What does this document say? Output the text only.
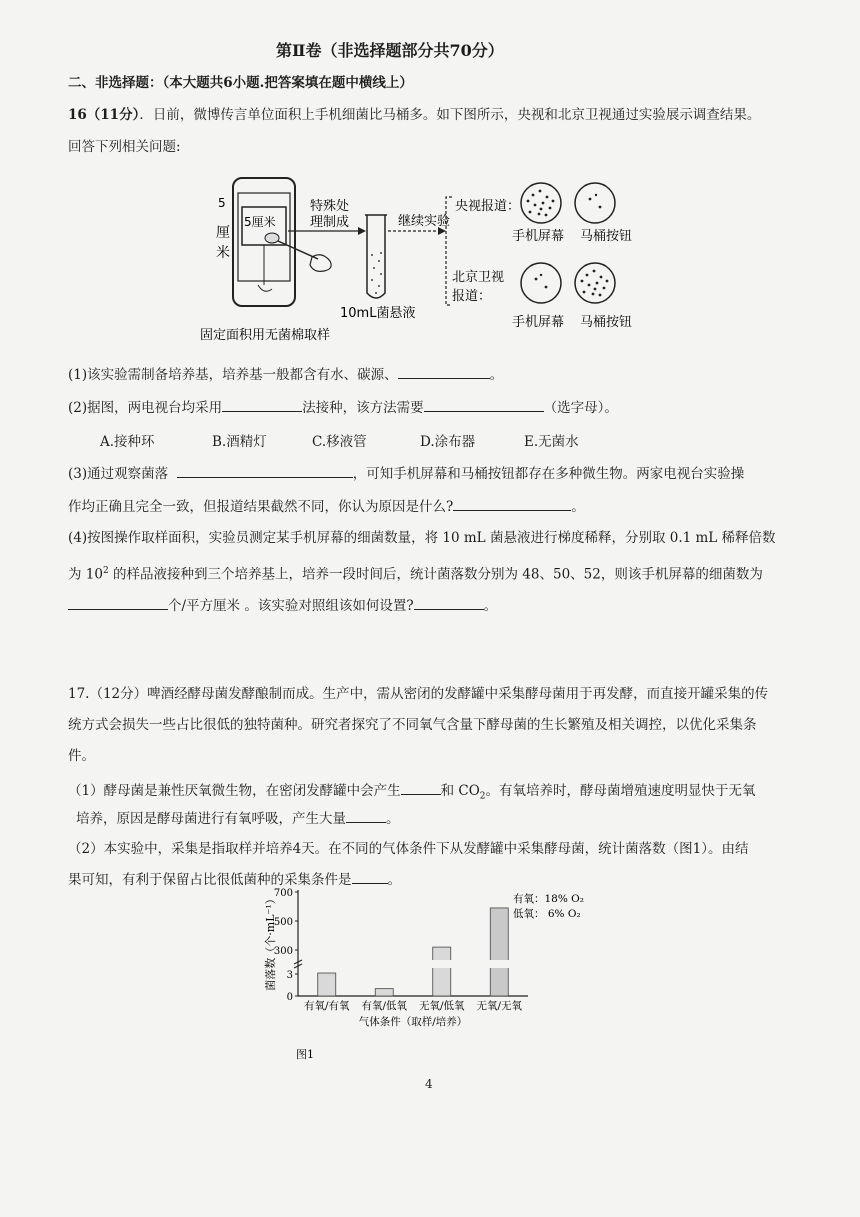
第Ⅱ卷（非选择题部分共70分）
二、非选择题：（本大题共6小题.把答案填在题中横线上）
16（11分）．日前，微博传言单位面积上手机细菌比马桶多。如下图所示，央视和北京卫视通过实验展示调查结果。
回答下列相关问题:
5厘米
5
厘
米
特殊处
理制成
10mL菌悬液
继续实验
央视报道：
北京卫视
报道：
手机屏幕 马桶按钮
手机屏幕 马桶按钮
固定面积用无菌棉取样
(1)该实验需制备培养基，培养基一般都含有水、碳源、	。
(2)据图，两电视台均采用	法接种，该方法需要	（选字母）。
A.接种环	B.酒精灯	C.移液管	D.涂布器	E.无菌水
(3)通过观察菌落	，可知手机屏幕和马桶按钮都存在多种微生物。两家电视台实验操
作均正确且完全一致，但报道结果截然不同，你认为原因是什么?	。
(4)按图操作取样面积，实验员测定某手机屏幕的细菌数量，将 10 mL 菌悬液进行梯度稀释，分别取 0.1 mL 稀释倍数
为 $10^2$ 的样品液接种到三个培养基上，培养一段时间后，统计菌落数分别为 48、50、52，则该手机屏幕的细菌数为
个/平方厘米 。该实验对照组该如何设置?	。
17.（12分）啤酒经酵母菌发酵酿制而成。生产中，需从密闭的发酵罐中采集酵母菌用于再发酵，而直接开罐采集的传
统方式会损失一些占比很低的独特菌种。研究者探究了不同氧气含量下酵母菌的生长繁殖及相关调控，以优化采集条
件。
（1）酵母菌是兼性厌氧微生物，在密闭发酵罐中会产生	和 $CO_2$。有氧培养时，酵母菌增殖速度明显快于无氧
培养，原因是酵母菌进行有氧呼吸，产生大量	。
（2）本实验中，采集是指取样并培养4天。在不同的气体条件下从发酵罐中采集酵母菌，统计菌落数（图1）。由结
果可知，有利于保留占比很低菌种的采集条件是	。
0
3
300
500
700
菌落数（个·mL⁻¹）
有氧/有氧 有氧/低氧 无氧/低氧 无氧/无氧
气体条件（取样/培养）
有氧：18% O₂
低氧： 6% O₂
图1
4
